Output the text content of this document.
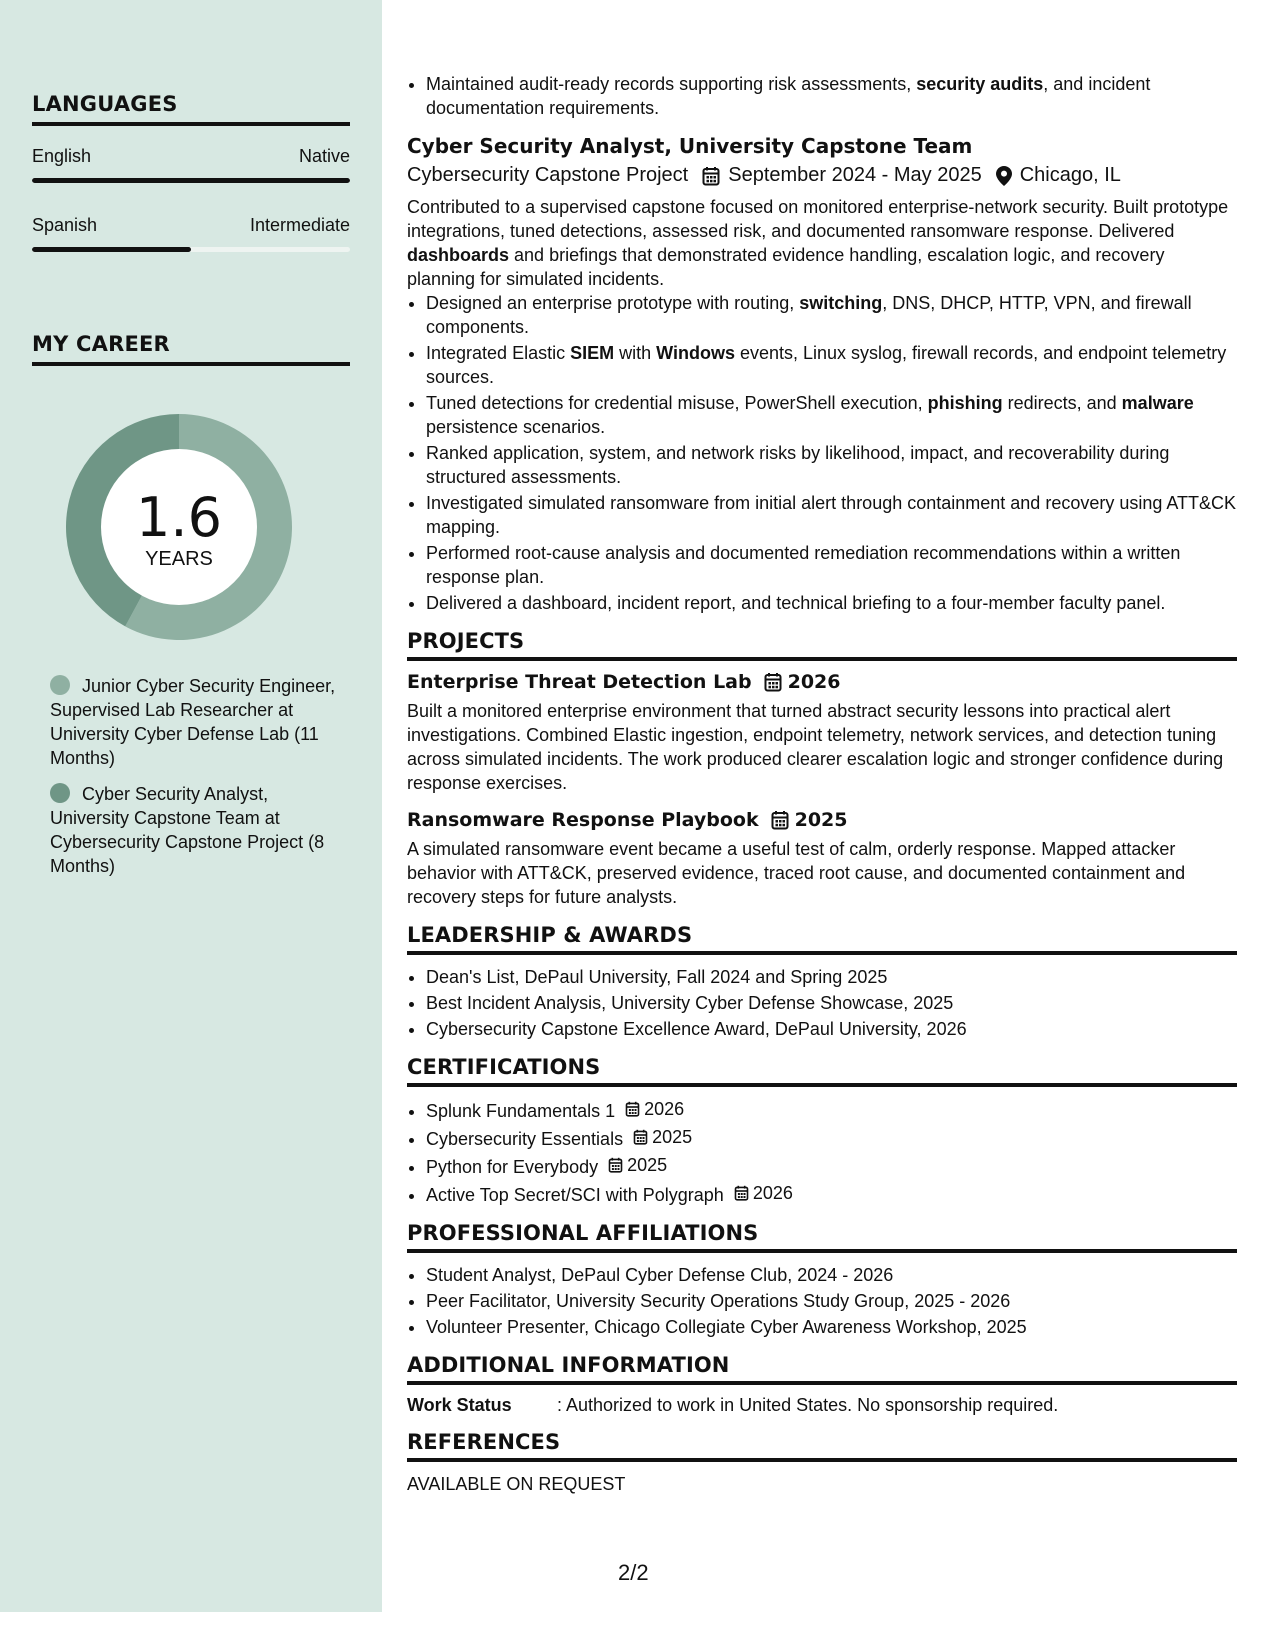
LANGUAGES
English	Native
Spanish	Intermediate
MY CAREER
1.6
YEARS
Junior Cyber Security Engineer, Supervised Lab Researcher at University Cyber Defense Lab (11 Months)
Cyber Security Analyst, University Capstone Team at Cybersecurity Capstone Project (8 Months)
• Maintained audit-ready records supporting risk assessments, security audits, and incident documentation requirements.
Cyber Security Analyst, University Capstone Team
Cybersecurity Capstone Project September 2024 - May 2025 Chicago, IL

Contributed to a supervised capstone focused on monitored enterprise-network security. Built prototype integrations, tuned detections, assessed risk, and documented ransomware response. Delivered dashboards and briefings that demonstrated evidence handling, escalation logic, and recovery planning for simulated incidents.

• Designed an enterprise prototype with routing, switching, DNS, DHCP, HTTP, VPN, and firewall components.
• Integrated Elastic SIEM with Windows events, Linux syslog, firewall records, and endpoint telemetry sources.
• Tuned detections for credential misuse, PowerShell execution, phishing redirects, and malware persistence scenarios.
• Ranked application, system, and network risks by likelihood, impact, and recoverability during structured assessments.
• Investigated simulated ransomware from initial alert through containment and recovery using ATT&CK mapping.
• Performed root-cause analysis and documented remediation recommendations within a written response plan.
• Delivered a dashboard, incident report, and technical briefing to a four-member faculty panel.
PROJECTS
Enterprise Threat Detection Lab 2026

Built a monitored enterprise environment that turned abstract security lessons into practical alert investigations. Combined Elastic ingestion, endpoint telemetry, network services, and detection tuning across simulated incidents. The work produced clearer escalation logic and stronger confidence during response exercises.

Ransomware Response Playbook 2025

A simulated ransomware event became a useful test of calm, orderly response. Mapped attacker behavior with ATT&CK, preserved evidence, traced root cause, and documented containment and recovery steps for future analysts.

LEADERSHIP & AWARDS
• Dean's List, DePaul University, Fall 2024 and Spring 2025
• Best Incident Analysis, University Cyber Defense Showcase, 2025
• Cybersecurity Capstone Excellence Award, DePaul University, 2026
CERTIFICATIONS
• Splunk Fundamentals 1 2026
• Cybersecurity Essentials 2025
• Python for Everybody 2025
• Active Top Secret/SCI with Polygraph 2026
PROFESSIONAL AFFILIATIONS
• Student Analyst, DePaul Cyber Defense Club, 2024 - 2026
• Peer Facilitator, University Security Operations Study Group, 2025 - 2026
• Volunteer Presenter, Chicago Collegiate Cyber Awareness Workshop, 2025
ADDITIONAL INFORMATION
Work Status	: Authorized to work in United States. No sponsorship required.
REFERENCES

AVAILABLE ON REQUEST

2/2
